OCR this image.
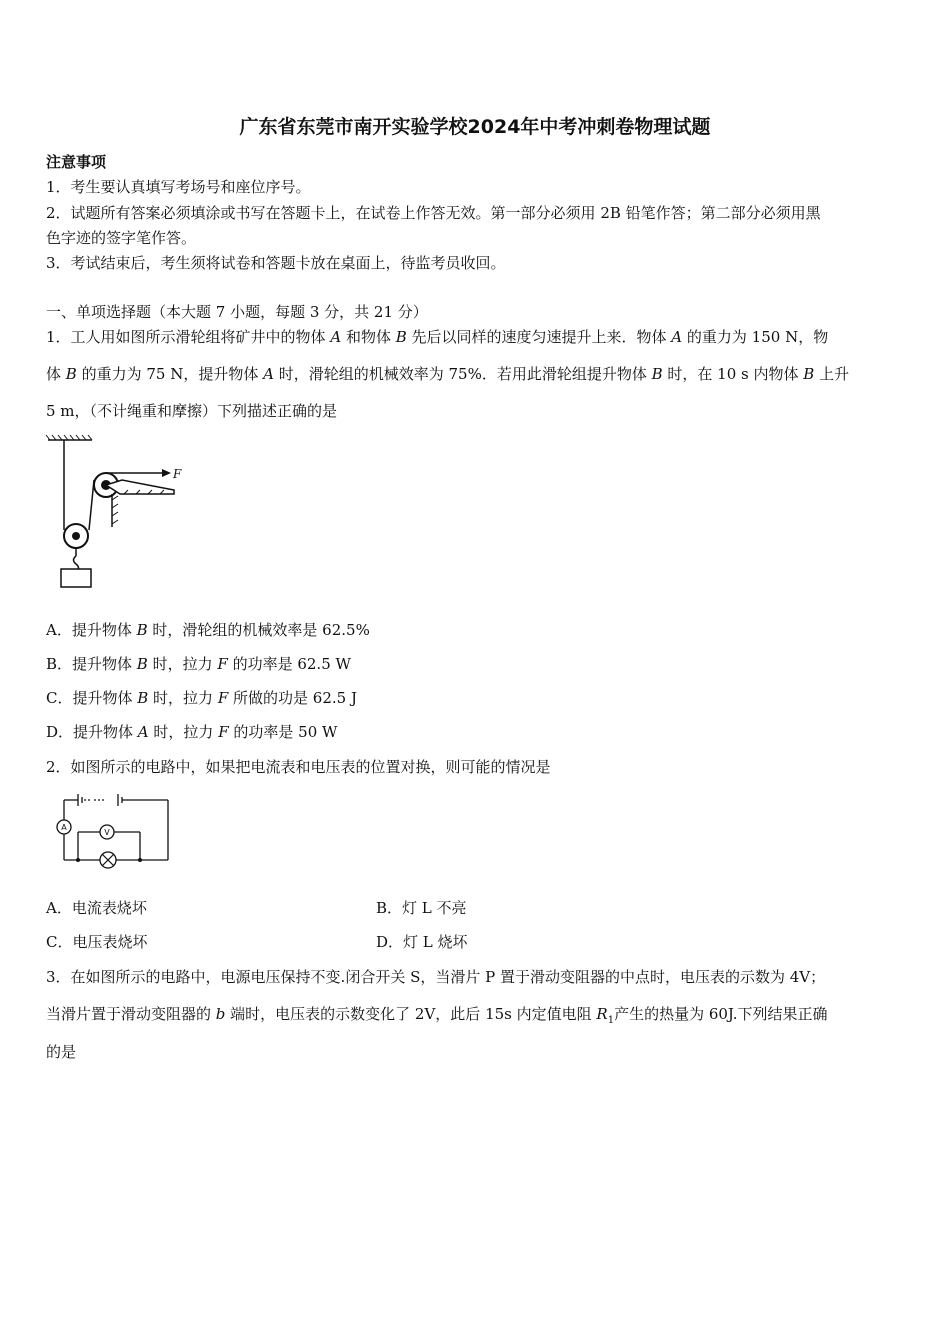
广东省东莞市南开实验学校2024年中考冲刺卷物理试题
注意事项
1．考生要认真填写考场号和座位序号。
2．试题所有答案必须填涂或书写在答题卡上，在试卷上作答无效。第一部分必须用 2B 铅笔作答；第二部分必须用黑
色字迹的签字笔作答。
3．考试结束后，考生须将试卷和答题卡放在桌面上，待监考员收回。
一、单项选择题（本大题 7 小题，每题 3 分，共 21 分）
1．工人用如图所示滑轮组将矿井中的物体 A 和物体 B 先后以同样的速度匀速提升上来．物体 A 的重力为 150 N，物
体 B 的重力为 75 N，提升物体 A 时，滑轮组的机械效率为 75%．若用此滑轮组提升物体 B 时，在 10 s 内物体 B 上升
5 m，（不计绳重和摩擦）下列描述正确的是
F
A．提升物体 B 时，滑轮组的机械效率是 62.5%
B．提升物体 B 时，拉力 F 的功率是 62.5 W
C．提升物体 B 时，拉力 F 所做的功是 62.5 J
D．提升物体 A 时，拉力 F 的功率是 50 W
2．如图所示的电路中，如果把电流表和电压表的位置对换，则可能的情况是
A
V
A．电流表烧坏	B．灯 L 不亮
C．电压表烧坏	D．灯 L 烧坏
3．在如图所示的电路中，电源电压保持不变.闭合开关 S，当滑片 P 置于滑动变阻器的中点时，电压表的示数为 4V；
当滑片置于滑动变阻器的 b 端时，电压表的示数变化了 2V，此后 15s 内定值电阻 $R_1$产生的热量为 60J.下列结果正确
的是
